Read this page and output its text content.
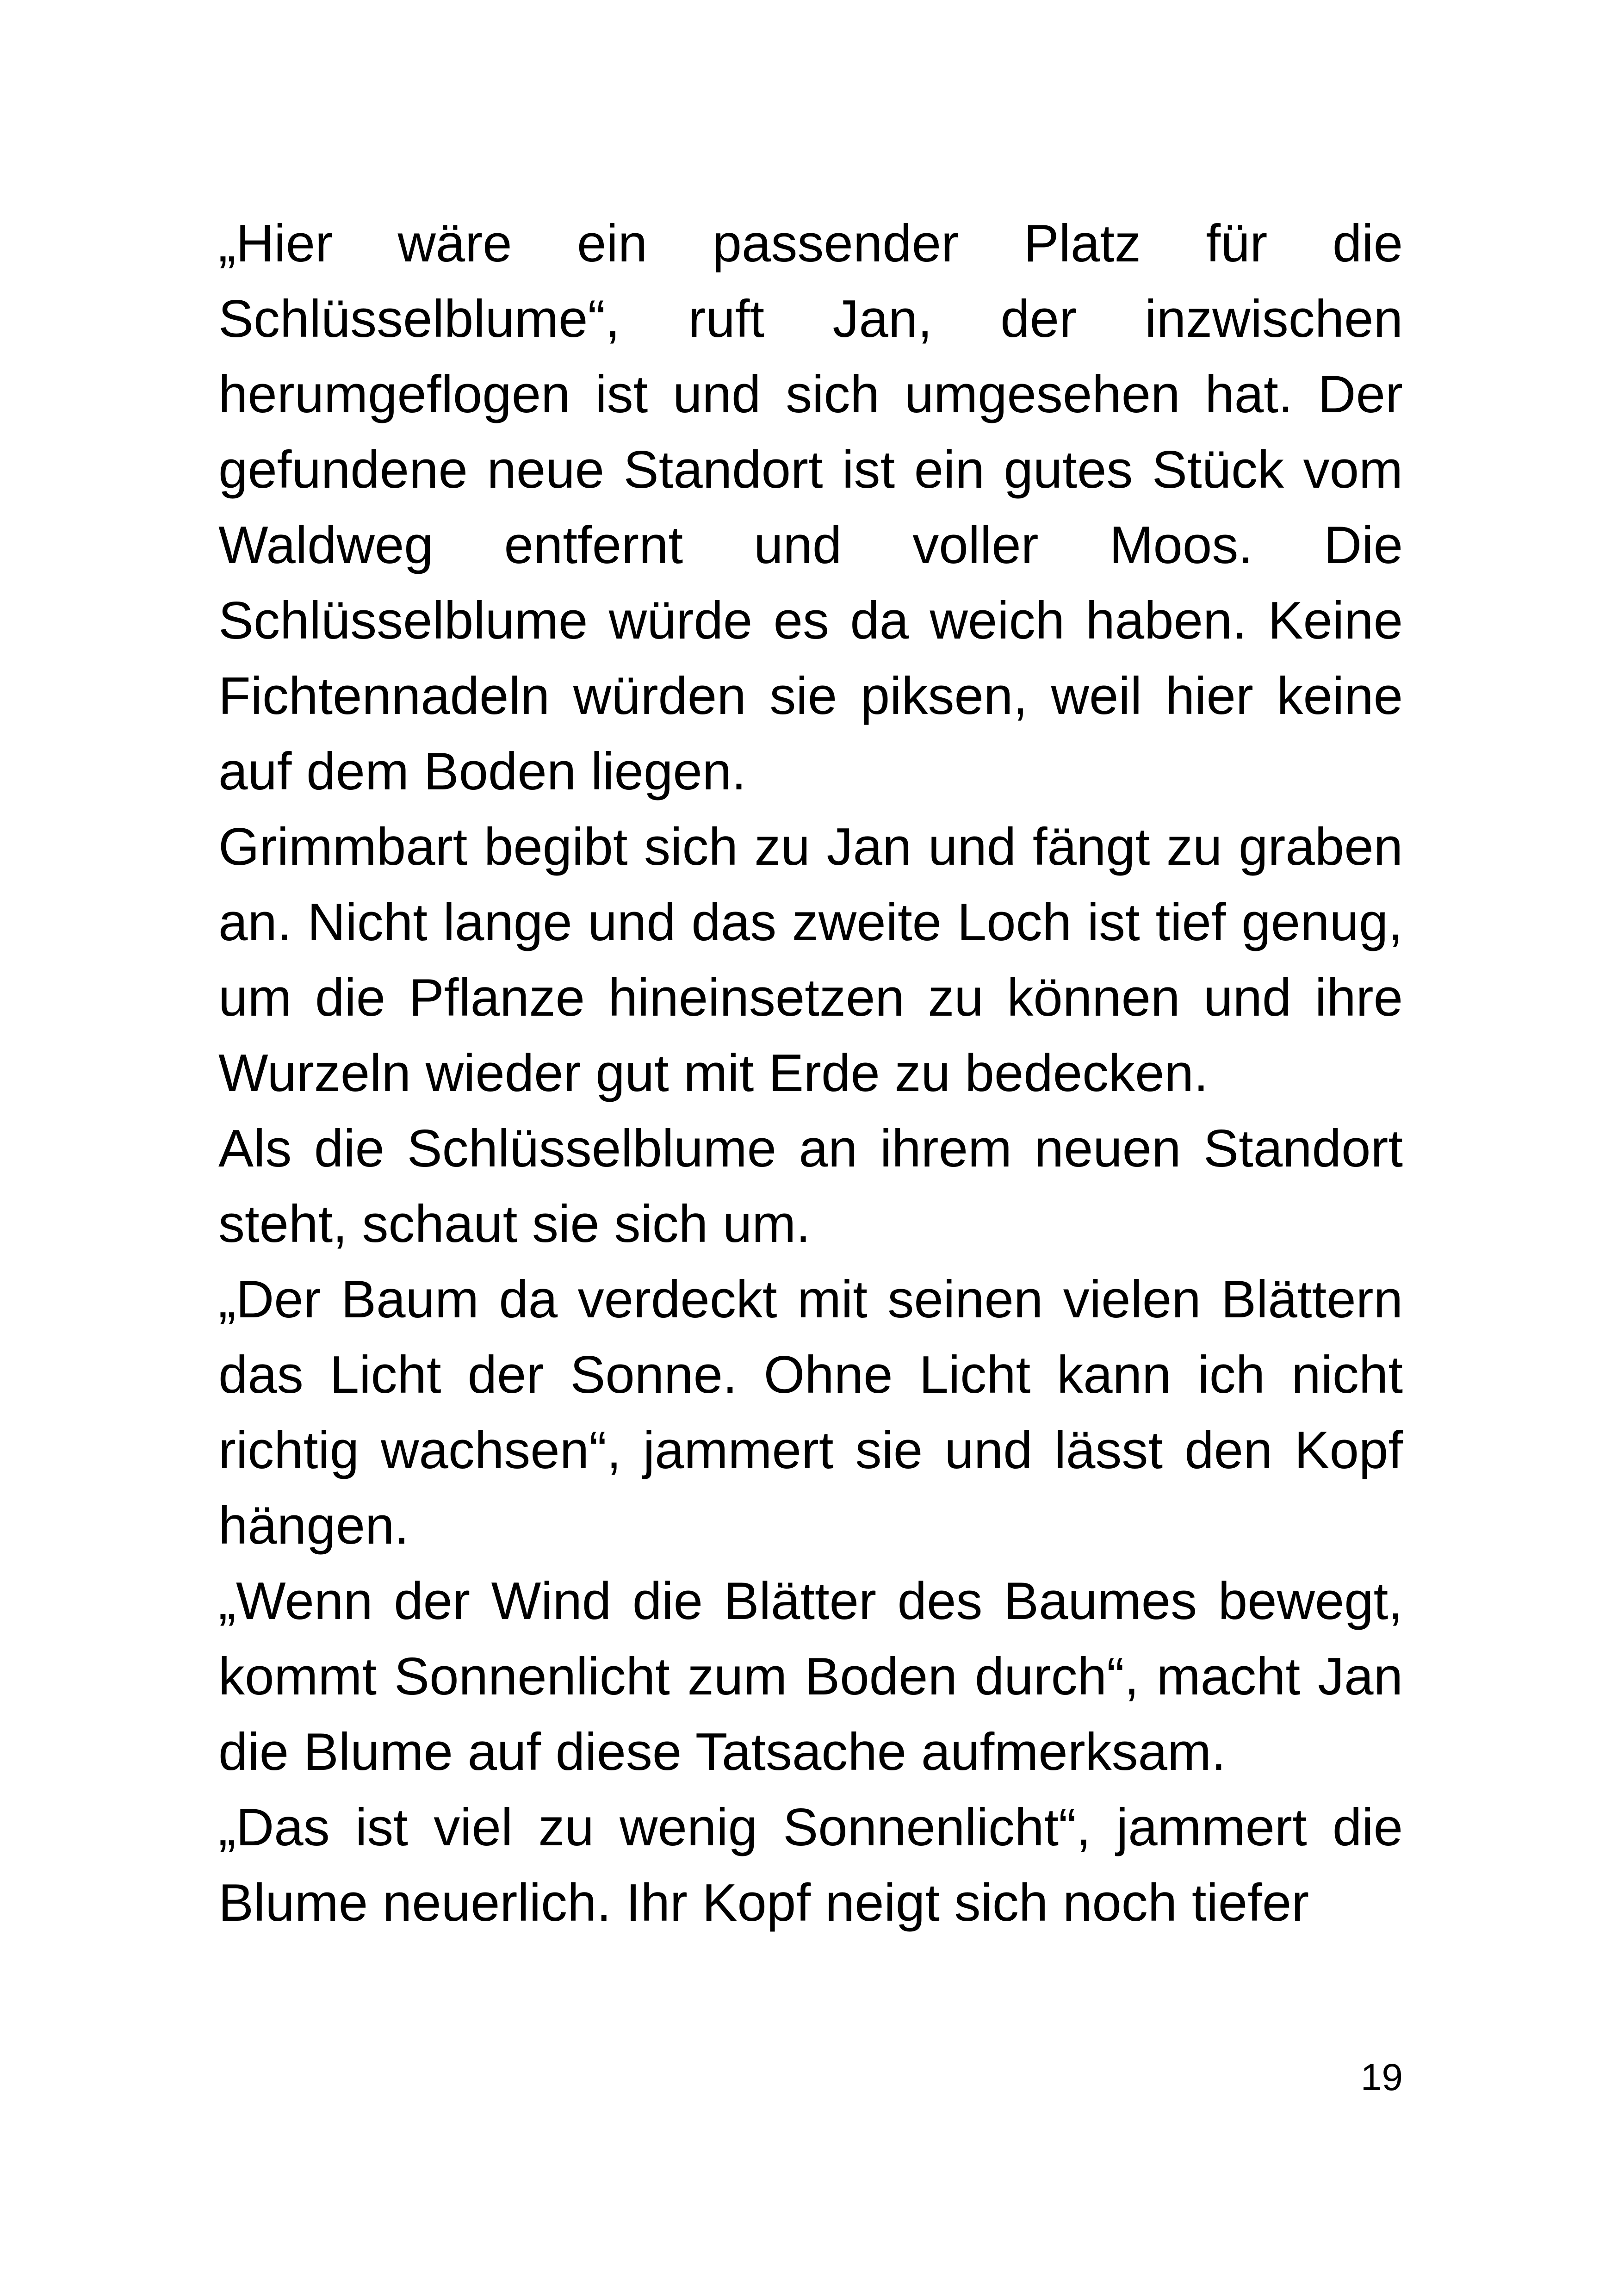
„Hier wäre ein passender Platz für die Schlüsselblume“, ruft Jan, der inzwischen herumgeflogen ist und sich umgesehen hat. Der gefundene neue Standort ist ein gutes Stück vom Waldweg entfernt und voller Moos. Die Schlüsselblume würde es da weich haben. Keine Fichtennadeln würden sie piksen, weil hier keine auf dem Boden liegen.

Grimmbart begibt sich zu Jan und fängt zu graben an. Nicht lange und das zweite Loch ist tief genug, um die Pflanze hineinsetzen zu können und ihre Wurzeln wieder gut mit Erde zu bedecken.

Als die Schlüsselblume an ihrem neuen Standort steht, schaut sie sich um.

„Der Baum da verdeckt mit seinen vielen Blättern das Licht der Sonne. Ohne Licht kann ich nicht richtig wachsen“, jammert sie und lässt den Kopf hängen.

„Wenn der Wind die Blätter des Baumes bewegt, kommt Sonnenlicht zum Boden durch“, macht Jan die Blume auf diese Tatsache aufmerksam.

„Das ist viel zu wenig Sonnenlicht“, jammert die Blume neuerlich. Ihr Kopf neigt sich noch tiefer

19
